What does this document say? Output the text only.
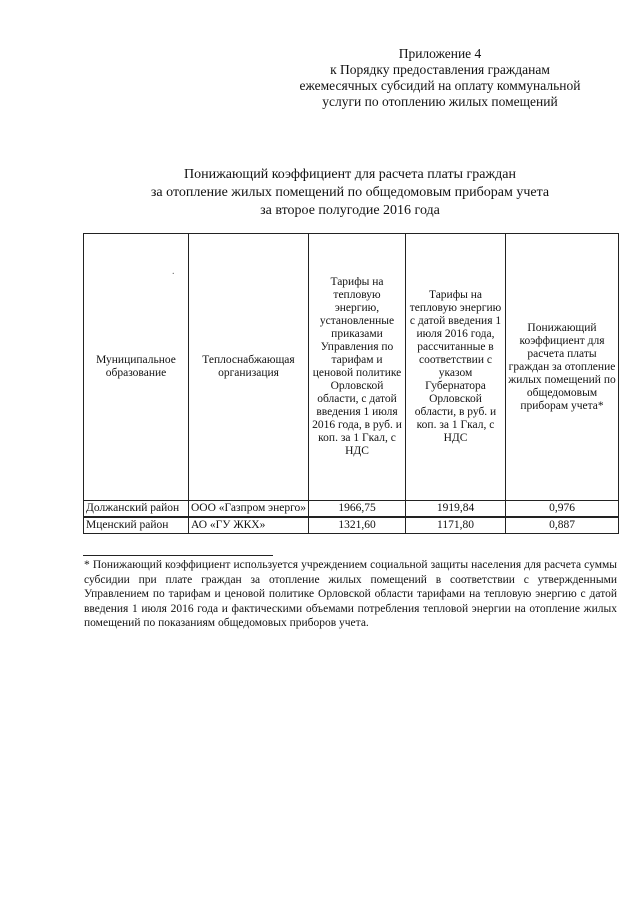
Приложение 4
к Порядку предоставления гражданам
ежемесячных субсидий на оплату коммунальной
услуги по отоплению жилых помещений
Понижающий коэффициент для расчета платы граждан
за отопление жилых помещений по общедомовым приборам учета
за второе полугодие 2016 года
Муниципальное образование	Теплоснабжающая организация	Тарифы на тепловую энергию, установленные приказами Управления по тарифам и ценовой политике Орловской области, с датой введения 1 июля 2016 года, в руб. и коп. за 1 Гкал, с НДС	Тарифы на тепловую энергию с датой введения 1 июля 2016 года, рассчитанные в соответствии с указом Губернатора Орловской области, в руб. и коп. за 1 Гкал, с НДС	Понижающий коэффициент для расчета платы граждан за отопление жилых помещений по общедомовым приборам учета*
Должанский район	ООО «Газпром энерго»	1966,75	1919,84	0,976
Мценский район	АО «ГУ ЖКХ»	1321,60	1171,80	0,887
.
* Понижающий коэффициент используется учреждением социальной защиты населения для расчета суммы субсидии при плате граждан за отопление жилых помещений в соответствии с утвержденными Управлением по тарифам и ценовой политике Орловской области тарифами на тепловую энергию с датой введения 1 июля 2016 года и фактическими объемами потребления тепловой энергии на отопление жилых помещений по показаниям общедомовых приборов учета.
